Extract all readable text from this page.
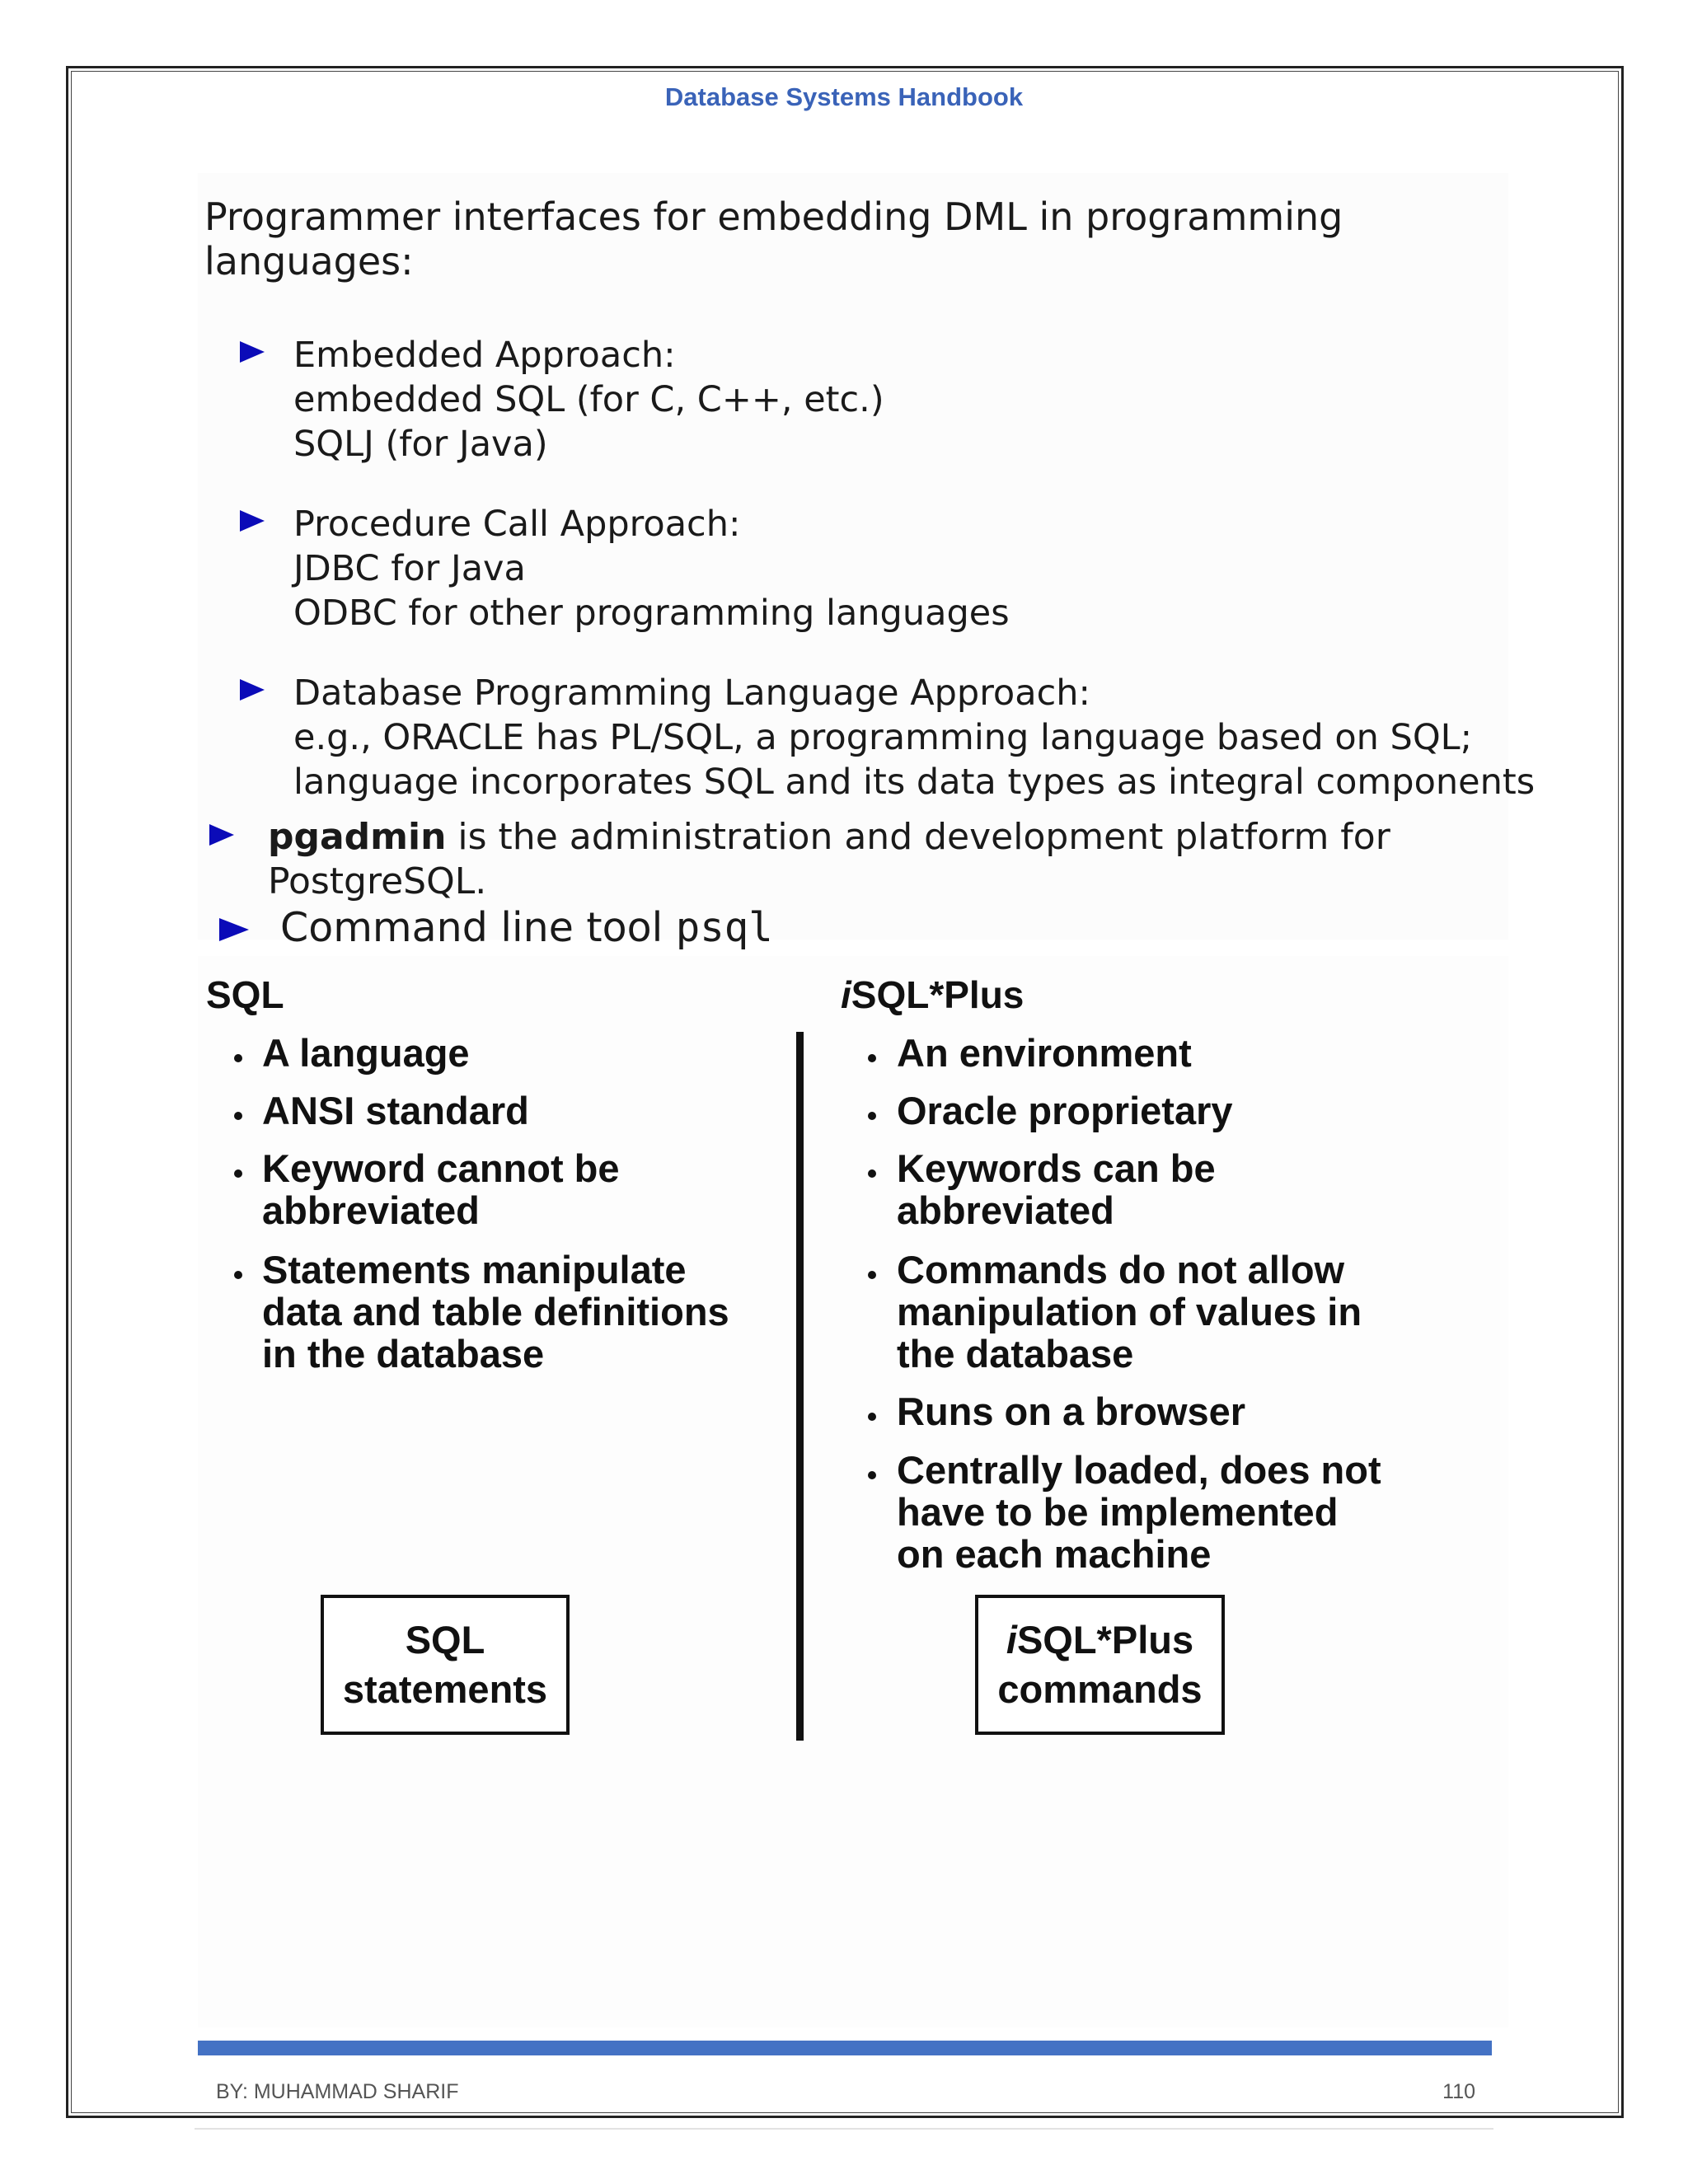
Database Systems Handbook
Programmer interfaces for embedding DML in programming
languages:
Embedded Approach:
embedded SQL (for C, C++, etc.)
SQLJ (for Java)
Procedure Call Approach:
JDBC for Java
ODBC for other programming languages
Database Programming Language Approach:
e.g., ORACLE has PL/SQL, a programming language based on SQL;
language incorporates SQL and its data types as integral components
pgadmin is the administration and development platform for
PostgreSQL.
Command line tool psql
SQL	iSQL*Plus
A language
ANSI standard
Keyword cannot be
abbreviated
Statements manipulate
data and table definitions
in the database
An environment
Oracle proprietary
Keywords can be
abbreviated
Commands do not allow
manipulation of values in
the database
Runs on a browser
Centrally loaded, does not
have to be implemented
on each machine
SQL
statements
iSQL*Plus
commands
BY: MUHAMMAD SHARIF	110
